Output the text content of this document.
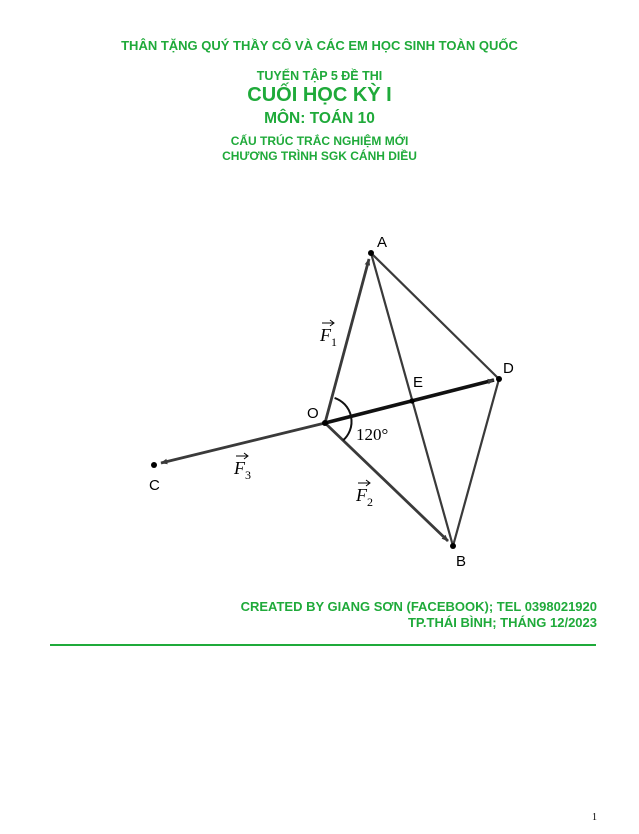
THÂN TẶNG QUÝ THẦY CÔ VÀ CÁC EM HỌC SINH TOÀN QUỐC
TUYỂN TẬP 5 ĐỀ THI
CUỐI HỌC KỲ I
MÔN: TOÁN 10
CẤU TRÚC TRẮC NGHIỆM MỚI
CHƯƠNG TRÌNH SGK CÁNH DIỀU
A
B
C
D
E
O
F 1
F 2
F 3
120°
CREATED BY GIANG SƠN (FACEBOOK); TEL 0398021920
TP.THÁI BÌNH; THÁNG 12/2023
1
